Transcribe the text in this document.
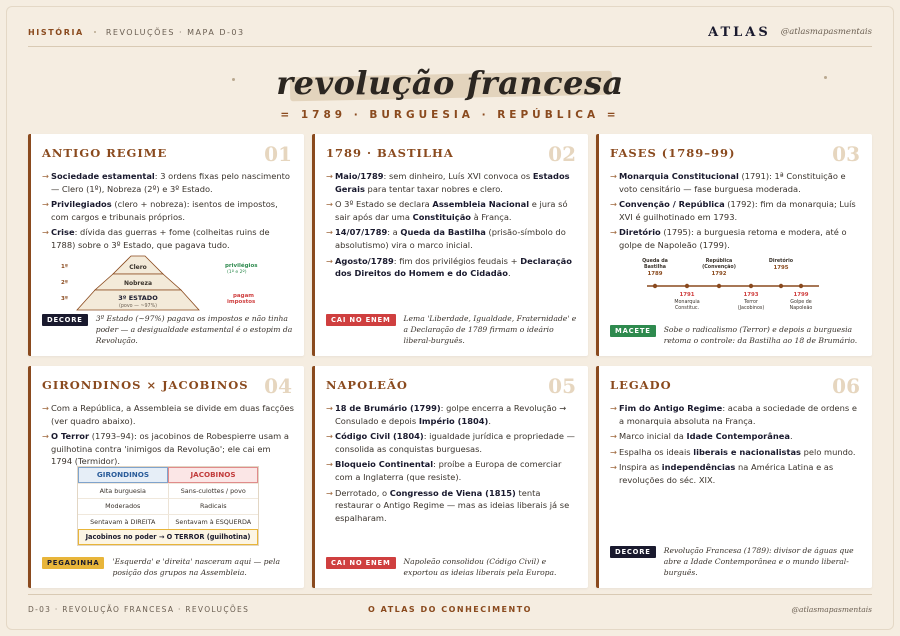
HISTÓRIA	REVOLUÇÕES · MAPA D-03	ATLAS @atlasmapasmentais
revolução francesa
= 1789 · BURGUESIA · REPÚBLICA =
01
ANTIGO REGIME
→ Sociedade estamental: 3 ordens fixas pelo nascimento — Clero (1º), Nobreza (2º) e 3º Estado.
→ Privilegiados (clero + nobreza): isentos de impostos, com cargos e tribunais próprios.
→ Crise: dívida das guerras + fome (colheitas ruins de 1788) sobre o 3º Estado, que pagava tudo.
Clero
Nobreza
3º ESTADO
(povo — ~97%)
1º
2º
3º
privilégios
(1º e 2º)
pagam
impostos
DECORE	3º Estado (~97%) pagava os impostos e não tinha poder — a desigualdade estamental é o estopim da Revolução.
02
1789 · BASTILHA
→ Maio/1789: sem dinheiro, Luís XVI convoca os Estados Gerais para tentar taxar nobres e clero.
→ O 3º Estado se declara Assembleia Nacional e jura só sair após dar uma Constituição à França.
→ 14/07/1789: a Queda da Bastilha (prisão-símbolo do absolutismo) vira o marco inicial.
→ Agosto/1789: fim dos privilégios feudais + Declaração dos Direitos do Homem e do Cidadão.
CAI NO ENEM	Lema 'Liberdade, Igualdade, Fraternidade' e a Declaração de 1789 firmam o ideário liberal-burguês.
03
FASES (1789–99)
→ Monarquia Constitucional (1791): 1ª Constituição e voto censitário — fase burguesa moderada.
→ Convenção / República (1792): fim da monarquia; Luís XVI é guilhotinado em 1793.
→ Diretório (1795): a burguesia retoma e modera, até o golpe de Napoleão (1799).
Queda da
Bastilha
1789
República
(Convenção)
1792
Diretório
1795
1791
Monarquia
Constituc.
1793
Terror
(Jacobinos)
1799
Golpe de
Napoleão
MACETE	Sobe o radicalismo (Terror) e depois a burguesia retoma o controle: da Bastilha ao 18 de Brumário.
04
GIRONDINOS × JACOBINOS
→ Com a República, a Assembleia se divide em duas facções (ver quadro abaixo).
→ O Terror (1793–94): os jacobinos de Robespierre usam a guilhotina contra 'inimigos da Revolução'; ele cai em 1794 (Termidor).
GIRONDINOS	JACOBINOS
Alta burguesia	Sans-culottes / povo
Moderados	Radicais
Sentavam à DIREITA	Sentavam à ESQUERDA
Jacobinos no poder → O TERROR (guilhotina)
PEGADINHA	'Esquerda' e 'direita' nasceram aqui — pela posição dos grupos na Assembleia.
05
NAPOLEÃO
→ 18 de Brumário (1799): golpe encerra a Revolução → Consulado e depois Império (1804).
→ Código Civil (1804): igualdade jurídica e propriedade — consolida as conquistas burguesas.
→ Bloqueio Continental: proíbe a Europa de comerciar com a Inglaterra (que resiste).
→ Derrotado, o Congresso de Viena (1815) tenta restaurar o Antigo Regime — mas as ideias liberais já se espalharam.
CAI NO ENEM	Napoleão consolidou (Código Civil) e exportou as ideias liberais pela Europa.
06
LEGADO
→ Fim do Antigo Regime: acaba a sociedade de ordens e a monarquia absoluta na França.
→ Marco inicial da Idade Contemporânea.
→ Espalha os ideais liberais e nacionalistas pelo mundo.
→ Inspira as independências na América Latina e as revoluções do séc. XIX.
DECORE	Revolução Francesa (1789): divisor de águas que abre a Idade Contemporânea e o mundo liberal-burguês.
D-03 · REVOLUÇÃO FRANCESA · REVOLUÇÕES	O ATLAS DO CONHECIMENTO	@atlasmapasmentais
